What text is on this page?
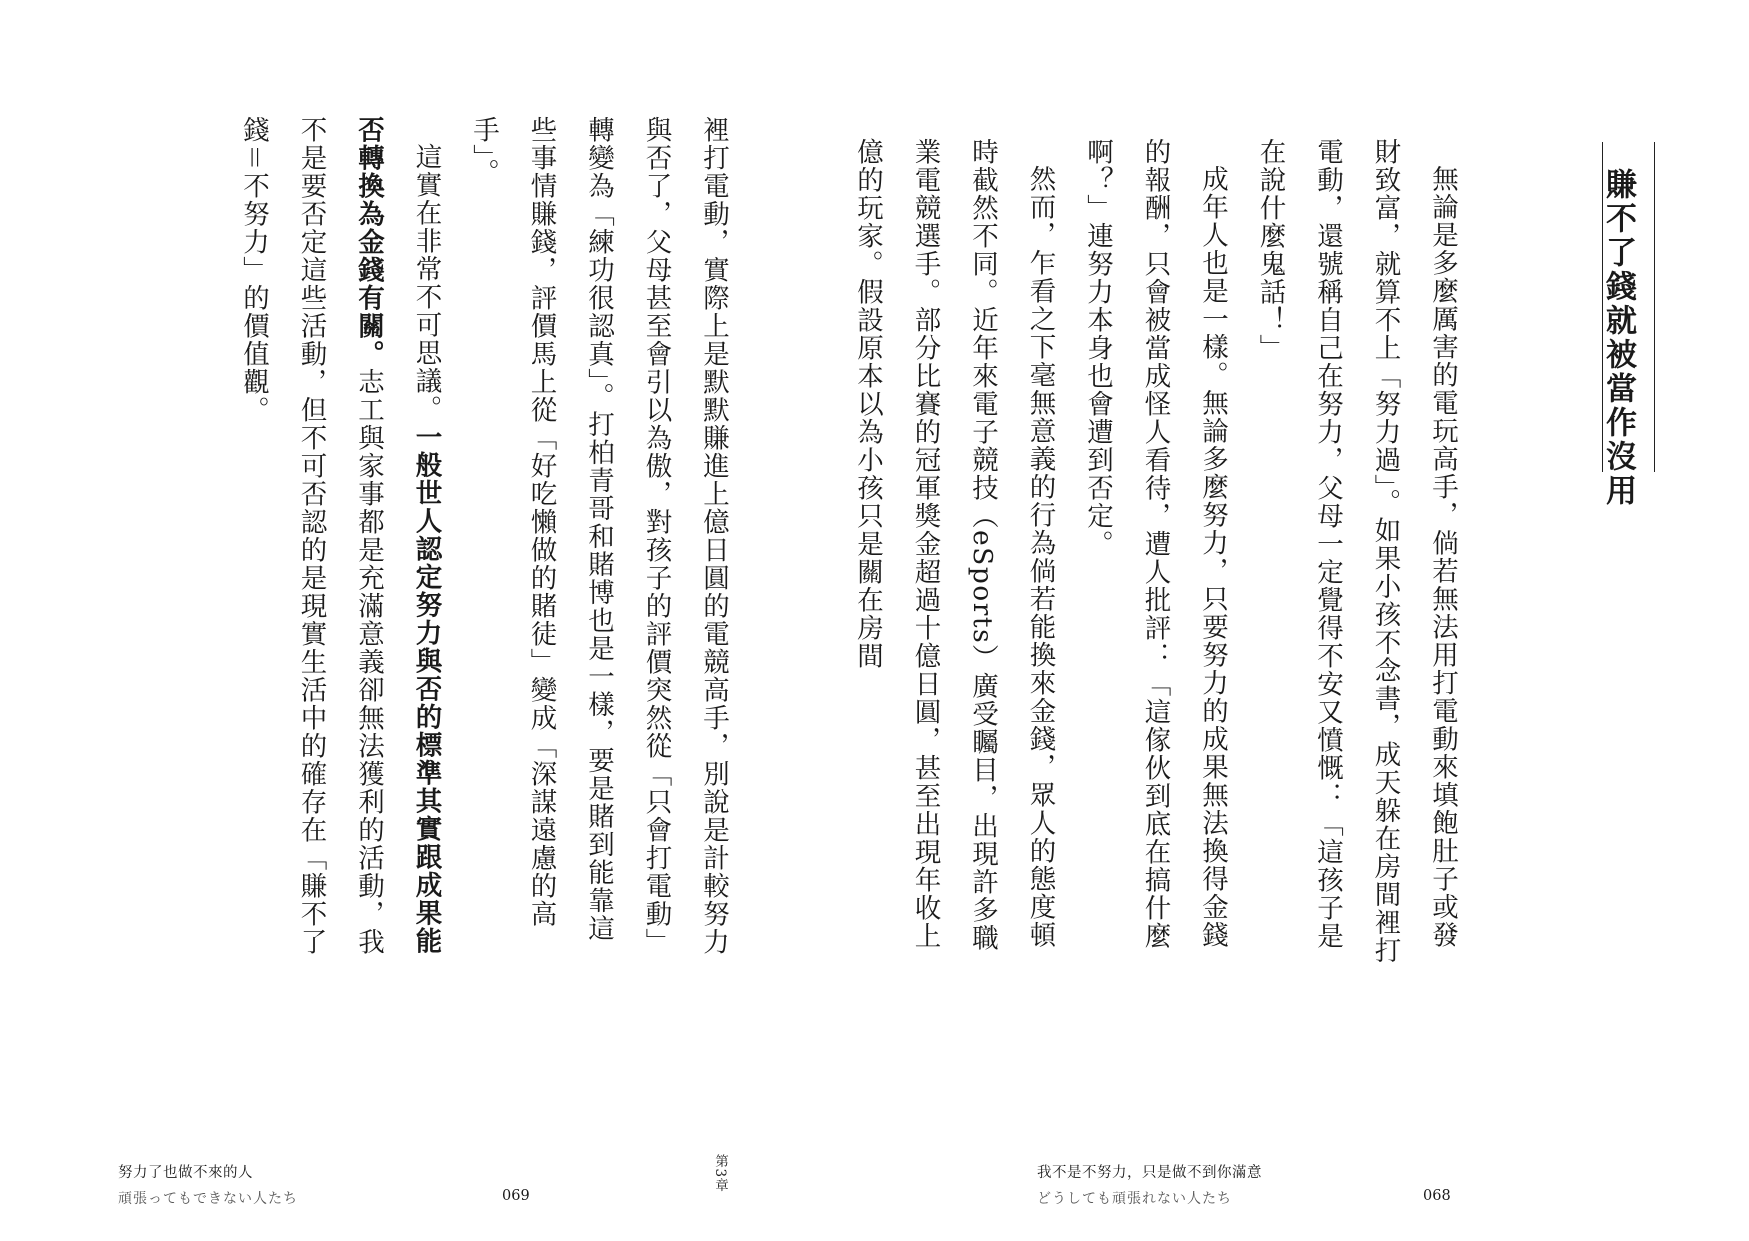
裡打電動，實際上是默默賺進上億日圓的電競高手，別說是計較努力與否了，父母甚至會引以為傲，對孩子的評價突然從「只會打電動」轉變為「練功很認真」。打柏青哥和賭博也是一樣，要是賭到能靠這些事情賺錢，評價馬上從「好吃懶做的賭徒」變成「深謀遠慮的高手」。

這實在非常不可思議。一般世人認定努力與否的標準其實跟成果能否轉換為金錢有關。志工與家事都是充滿意義卻無法獲利的活動，我不是要否定這些活動，但不可否認的是現實生活中的確存在「賺不了錢＝不努力」的價值觀。

努力了也做不來的人

頑張ってもできない人たち	069

第3章

賺不了錢就被當作沒用

無論是多麼厲害的電玩高手，倘若無法用打電動來填飽肚子或發財致富，就算不上「努力過」。如果小孩不念書，成天躲在房間裡打電動，還號稱自己在努力，父母一定覺得不安又憤慨：「這孩子是在說什麼鬼話！」

成年人也是一樣。無論多麼努力，只要努力的成果無法換得金錢的報酬，只會被當成怪人看待，遭人批評：「這傢伙到底在搞什麼啊？」連努力本身也會遭到否定。

然而，乍看之下毫無意義的行為倘若能換來金錢，眾人的態度頓時截然不同。近年來電子競技（eSports）廣受矚目，出現許多職業電競選手。部分比賽的冠軍獎金超過十億日圓，甚至出現年收上億的玩家。假設原本以為小孩只是關在房間

我不是不努力，只是做不到你滿意

どうしても頑張れない人たち	068
